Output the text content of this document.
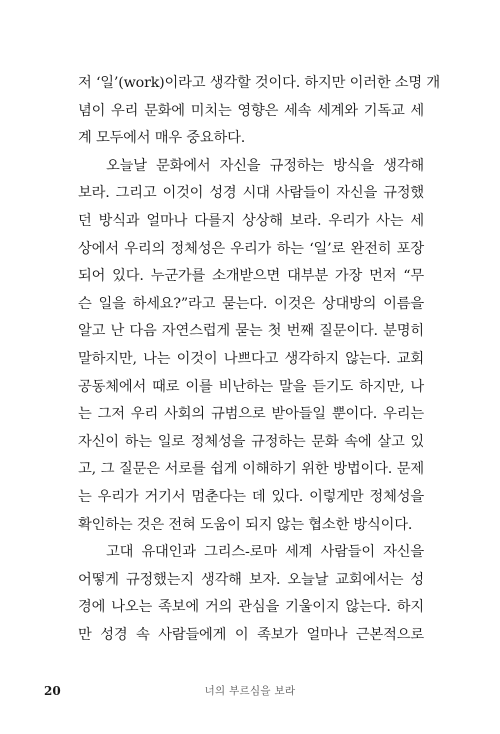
저 ‘일’(work)이라고 생각할 것이다. 하지만 이러한 소명 개
념이 우리 문화에 미치는 영향은 세속 세계와 기독교 세
계 모두에서 매우 중요하다.
오늘날 문화에서 자신을 규정하는 방식을 생각해
보라. 그리고 이것이 성경 시대 사람들이 자신을 규정했
던 방식과 얼마나 다를지 상상해 보라. 우리가 사는 세
상에서 우리의 정체성은 우리가 하는 ‘일’로 완전히 포장
되어 있다. 누군가를 소개받으면 대부분 가장 먼저 “무
슨 일을 하세요?”라고 묻는다. 이것은 상대방의 이름을
알고 난 다음 자연스럽게 묻는 첫 번째 질문이다. 분명히
말하지만, 나는 이것이 나쁘다고 생각하지 않는다. 교회
공동체에서 때로 이를 비난하는 말을 듣기도 하지만, 나
는 그저 우리 사회의 규범으로 받아들일 뿐이다. 우리는
자신이 하는 일로 정체성을 규정하는 문화 속에 살고 있
고, 그 질문은 서로를 쉽게 이해하기 위한 방법이다. 문제
는 우리가 거기서 멈춘다는 데 있다. 이렇게만 정체성을
확인하는 것은 전혀 도움이 되지 않는 협소한 방식이다.
고대 유대인과 그리스-로마 세계 사람들이 자신을
어떻게 규정했는지 생각해 보자. 오늘날 교회에서는 성
경에 나오는 족보에 거의 관심을 기울이지 않는다. 하지
만 성경 속 사람들에게 이 족보가 얼마나 근본적으로
20	너의 부르심을 보라
